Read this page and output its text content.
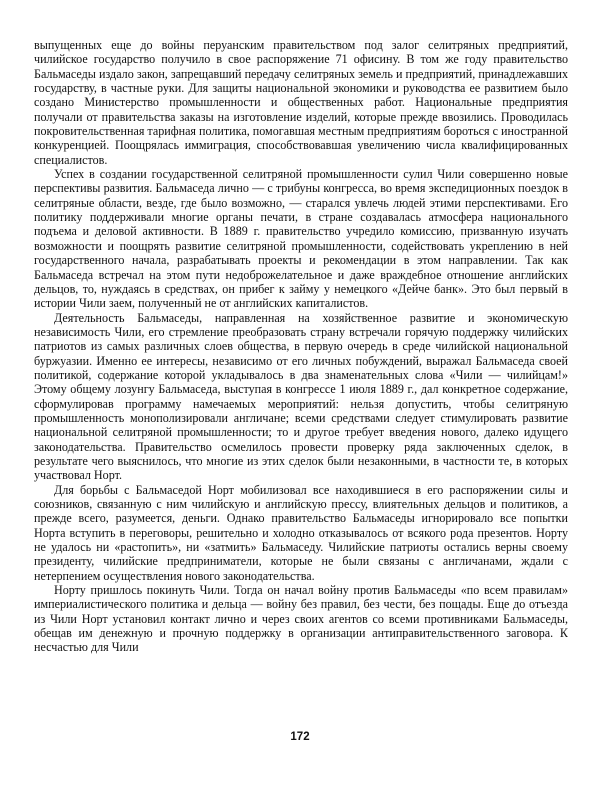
выпущенных еще до войны перуанским правительством под залог селитряных предприятий, чилийское государство получило в свое распоряжение 71 офисину. В том же году правительство Бальмаседы издало закон, запрещавший передачу селитряных земель и предприятий, принадлежавших государству, в частные руки. Для защиты национальной экономики и руководства ее развитием было создано Министерство промышленности и общественных работ. Национальные предприятия получали от правительства заказы на изготовление изделий, которые прежде ввозились. Проводилась покровительственная тарифная политика, помогавшая местным предприятиям бороться с иностранной конкуренцией. Поощрялась иммиграция, способствовавшая увеличению числа квалифицированных специалистов.

Успех в создании государственной селитряной промышленности сулил Чили совершенно новые перспективы развития. Бальмаседа лично — с трибуны конгресса, во время экспедиционных поездок в селитряные области, везде, где было возможно, — старался увлечь людей этими перспективами. Его политику поддерживали многие органы печати, в стране создавалась атмосфера национального подъема и деловой активности. В 1889 г. правительство учредило комиссию, призванную изучать возможности и поощрять развитие селитряной промышленности, содействовать укреплению в ней государственного начала, разрабатывать проекты и рекомендации в этом направлении. Так как Бальмаседа встречал на этом пути недоброжелательное и даже враждебное отношение английских дельцов, то, нуждаясь в средствах, он прибег к займу у немецкого «Дейче банк». Это был первый в истории Чили заем, полученный не от английских капиталистов.

Деятельность Бальмаседы, направленная на хозяйственное развитие и экономическую независимость Чили, его стремление преобразовать страну встречали горячую поддержку чилийских патриотов из самых различных слоев общества, в первую очередь в среде чилийской национальной буржуазии. Именно ее интересы, независимо от его личных побуждений, выражал Бальмаседа своей политикой, содержание которой укладывалось в два знаменательных слова «Чили — чилийцам!» Этому общему лозунгу Бальмаседа, выступая в конгрессе 1 июля 1889 г., дал конкретное содержание, сформулировав программу намечаемых мероприятий: нельзя допустить, чтобы селитряную промышленность монополизировали англичане; всеми средствами следует стимулировать развитие национальной селитряной промышленности; то и другое требует введения нового, далеко идущего законодательства. Правительство осмелилось провести проверку ряда заключенных сделок, в результате чего выяснилось, что многие из этих сделок были незаконными, в частности те, в которых участвовал Норт.

Для борьбы с Бальмаседой Норт мобилизовал все находившиеся в его распоряжении силы и союзников, связанную с ним чилийскую и английскую прессу, влиятельных дельцов и политиков, а прежде всего, разумеется, деньги. Однако правительство Бальмаседы игнорировало все попытки Норта вступить в переговоры, решительно и холодно отказывалось от всякого рода презентов. Норту не удалось ни «растопить», ни «затмить» Бальмаседу. Чилийские патриоты остались верны своему президенту, чилийские предприниматели, которые не были связаны с англичанами, ждали с нетерпением осуществления нового законодательства.

Норту пришлось покинуть Чили. Тогда он начал войну против Бальмаседы «по всем правилам» империалистического политика и дельца — войну без правил, без чести, без пощады. Еще до отъезда из Чили Норт установил контакт лично и через своих агентов со всеми противниками Бальмаседы, обещав им денежную и прочную поддержку в организации антиправительственного заговора. К несчастью для Чили

172
